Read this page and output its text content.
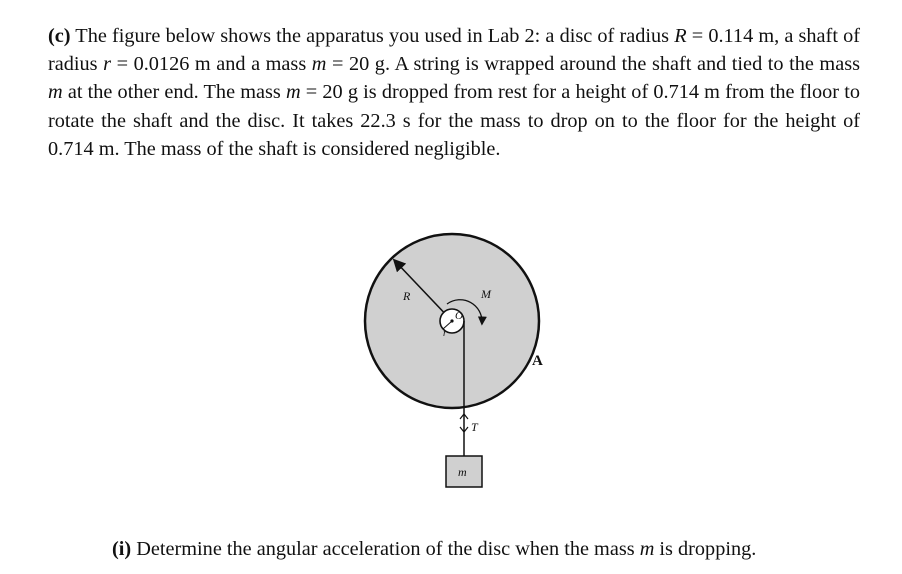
(c) The figure below shows the apparatus you used in Lab 2: a disc of radius R = 0.114 m, a shaft of radius r = 0.0126 m and a mass m = 20 g. A string is wrapped around the shaft and tied to the mass m at the other end. The mass m = 20 g is dropped from rest for a height of 0.714 m from the floor to rotate the shaft and the disc. It takes 22.3 s for the mass to drop on to the floor for the height of 0.714 m. The mass of the shaft is considered negligible.

R
O
r
M
A
T
m

(i) Determine the angular acceleration of the disc when the mass m is dropping.
